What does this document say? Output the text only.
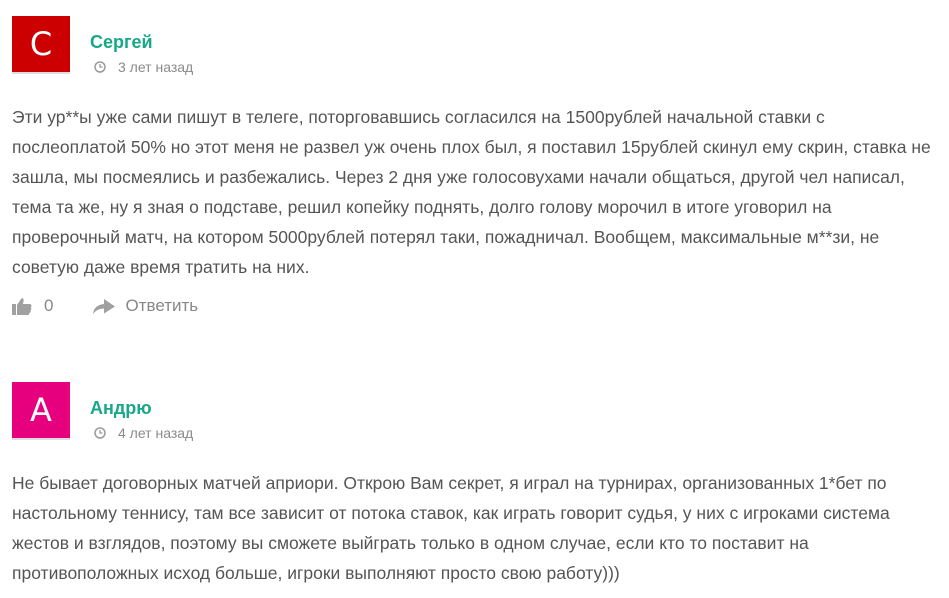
С	Сергей
3 лет назад

Эти ур**ы уже сами пишут в телеге, поторговавшись согласился на 1500рублей начальной ставки с послеоплатой 50% но этот меня не развел уж очень плох был, я поставил 15рублей скинул ему скрин, ставка не зашла, мы посмеялись и разбежались. Через 2 дня уже голосовухами начали общаться, другой чел написал, тема та же, ну я зная о подставе, решил копейку поднять, долго голову морочил в итоге уговорил на проверочный матч, на котором 5000рублей потерял таки, пожадничал. Вообщем, максимальные м**зи, не советую даже время тратить на них.

0	Ответить
А	Андрю
4 лет назад

Не бывает договорных матчей априори. Открою Вам секрет, я играл на турнирах, организованных 1*бет по настольному теннису, там все зависит от потока ставок, как играть говорит судья, у них с игроками система жестов и взглядов, поэтому вы сможете выйграть только в одном случае, если кто то поставит на противоположных исход больше, игроки выполняют просто свою работу)))
